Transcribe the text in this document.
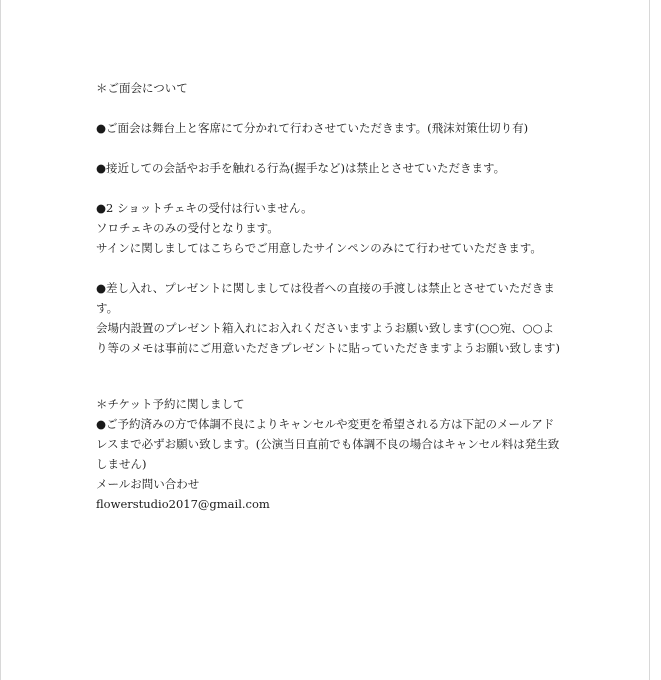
＊ご面会について
●ご面会は舞台上と客席にて分かれて行わさせていただきます。(飛沫対策仕切り有)
●接近しての会話やお手を触れる行為(握手など)は禁止とさせていただきます。
●2 ショットチェキの受付は行いません。
ソロチェキのみの受付となります。
サインに関しましてはこちらでご用意したサインペンのみにて行わせていただきます。
●差し入れ、プレゼントに関しましては役者への直接の手渡しは禁止とさせていただきま
す。
会場内設置のプレゼント箱入れにお入れくださいますようお願い致します(○○宛、○○よ
り等のメモは事前にご用意いただきプレゼントに貼っていただきますようお願い致します)
＊チケット予約に関しまして
●ご予約済みの方で体調不良によりキャンセルや変更を希望される方は下記のメールアド
レスまで必ずお願い致します。(公演当日直前でも体調不良の場合はキャンセル料は発生致
しません)
メールお問い合わせ
flowerstudio2017@gmail.com
